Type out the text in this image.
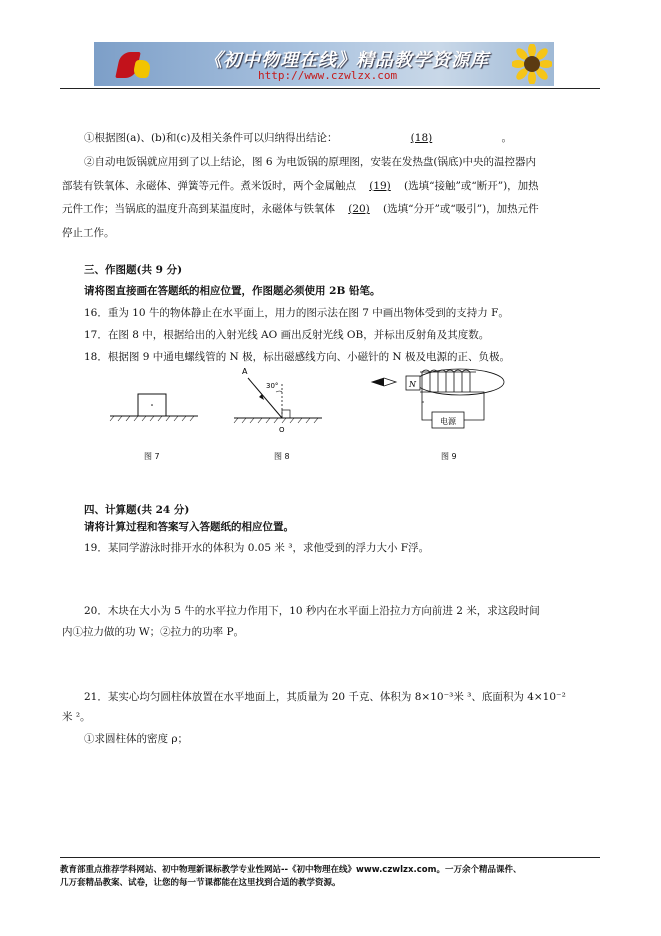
《初中物理在线》精品教学资源库
http://www.czwlzx.com
①根据图(a)、(b)和(c)及相关条件可以归纳得出结论：	(18)	。
②自动电饭锅就应用到了以上结论，图 6 为电饭锅的原理图，安装在发热盘(锅底)中央的温控器内
部装有铁氧体、永磁体、弹簧等元件。煮米饭时，两个金属触点 (19) (选填“接触”或“断开”)，加热
元件工作；当锅底的温度升高到某温度时，永磁体与铁氧体 (20) (选填“分开”或“吸引”)，加热元件
停止工作。
三、作图题(共 9 分)
请将图直接画在答题纸的相应位置，作图题必须使用 2B 铅笔。
16．重为 10 牛的物体静止在水平面上，用力的图示法在图 7 中画出物体受到的支持力 F。
17．在图 8 中，根据给出的入射光线 AO 画出反射光线 OB，并标出反射角及其度数。
18．根据图 9 中通电螺线管的 N 极，标出磁感线方向、小磁针的 N 极及电源的正、负极。
A
30°
O
N
电源
图 7	图 8	图 9
四、计算题(共 24 分)
请将计算过程和答案写入答题纸的相应位置。
19．某同学游泳时排开水的体积为 0.05 米 ³，求他受到的浮力大小 F浮。
20．木块在大小为 5 牛的水平拉力作用下，10 秒内在水平面上沿拉力方向前进 2 米，求这段时间
内①拉力做的功 W；②拉力的功率 P。
21．某实心均匀圆柱体放置在水平地面上，其质量为 20 千克、体积为 8×10⁻³米 ³、底面积为 4×10⁻²
米 ²。
①求圆柱体的密度 ρ；
教育部重点推荐学科网站、初中物理新课标教学专业性网站--《初中物理在线》www.czwlzx.com。一万余个精品课件、
几万套精品教案、试卷，让您的每一节课都能在这里找到合适的教学资源。
